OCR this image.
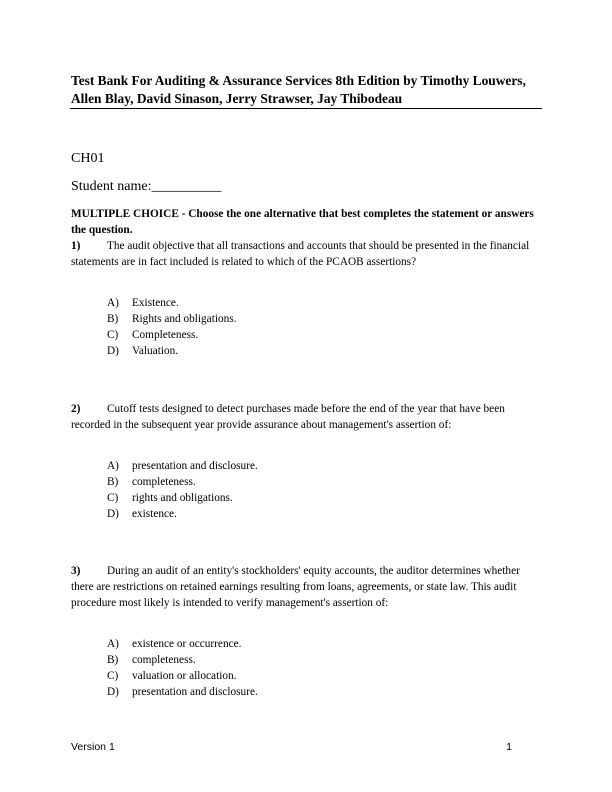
Test Bank For Auditing & Assurance Services 8th Edition by Timothy Louwers, Allen Blay, David Sinason, Jerry Strawser, Jay Thibodeau
CH01
Student name:__________
MULTIPLE CHOICE - Choose the one alternative that best completes the statement or answers the question.
1) The audit objective that all transactions and accounts that should be presented in the financial statements are in fact included is related to which of the PCAOB assertions?
A) Existence.
B) Rights and obligations.
C) Completeness.
D) Valuation.
2) Cutoff tests designed to detect purchases made before the end of the year that have been recorded in the subsequent year provide assurance about management's assertion of:
A) presentation and disclosure.
B) completeness.
C) rights and obligations.
D) existence.
3) During an audit of an entity's stockholders' equity accounts, the auditor determines whether there are restrictions on retained earnings resulting from loans, agreements, or state law. This audit procedure most likely is intended to verify management's assertion of:
A) existence or occurrence.
B) completeness.
C) valuation or allocation.
D) presentation and disclosure.
Version 1	1
